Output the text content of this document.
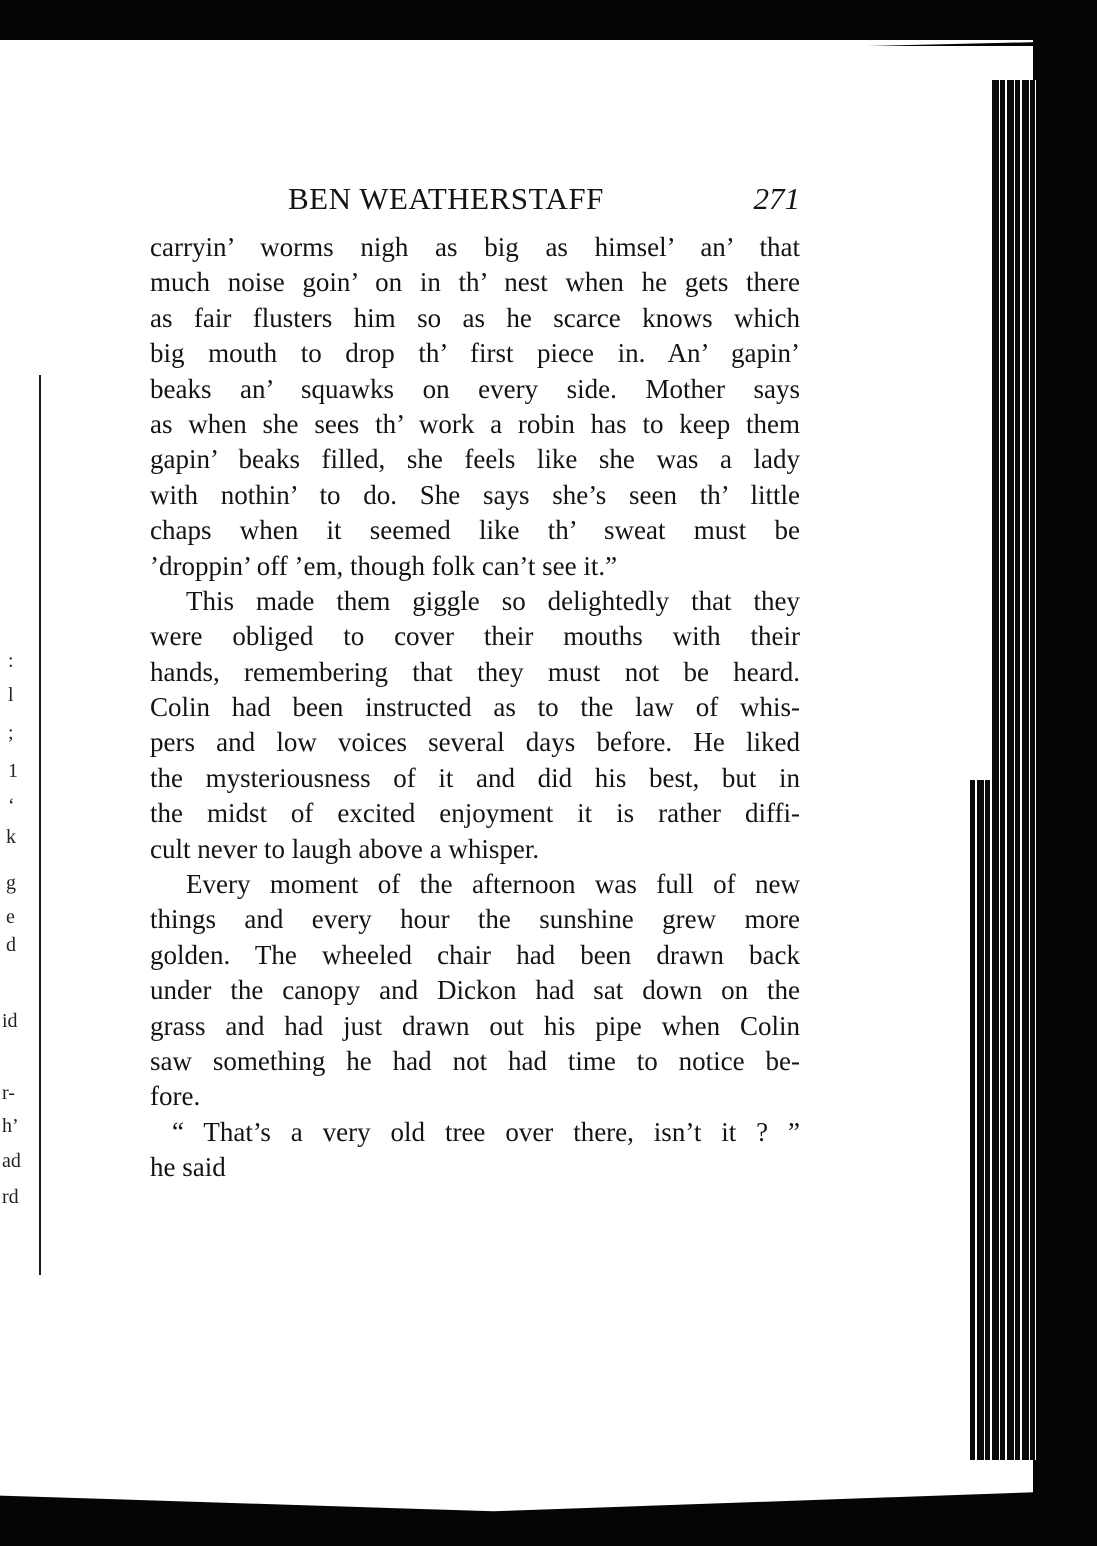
:
l
;
1
‘
k
g
e
d
id
r-
h’
ad
rd
BEN WEATHERSTAFF	271
carryin’ worms nigh as big as himsel’ an’ that
much noise goin’ on in th’ nest when he gets there
as fair flusters him so as he scarce knows which
big mouth to drop th’ first piece in. An’ gapin’
beaks an’ squawks on every side. Mother says
as when she sees th’ work a robin has to keep them
gapin’ beaks filled, she feels like she was a lady
with nothin’ to do. She says she’s seen th’ little
chaps when it seemed like th’ sweat must be
’droppin’ off ’em, though folk can’t see it.”
This made them giggle so delightedly that they
were obliged to cover their mouths with their
hands, remembering that they must not be heard.
Colin had been instructed as to the law of whis-
pers and low voices several days before. He liked
the mysteriousness of it and did his best, but in
the midst of excited enjoyment it is rather diffi-
cult never to laugh above a whisper.
Every moment of the afternoon was full of new
things and every hour the sunshine grew more
golden. The wheeled chair had been drawn back
under the canopy and Dickon had sat down on the
grass and had just drawn out his pipe when Colin
saw something he had not had time to notice be-
fore.
“ That’s a very old tree over there, isn’t it ? ”
he said
